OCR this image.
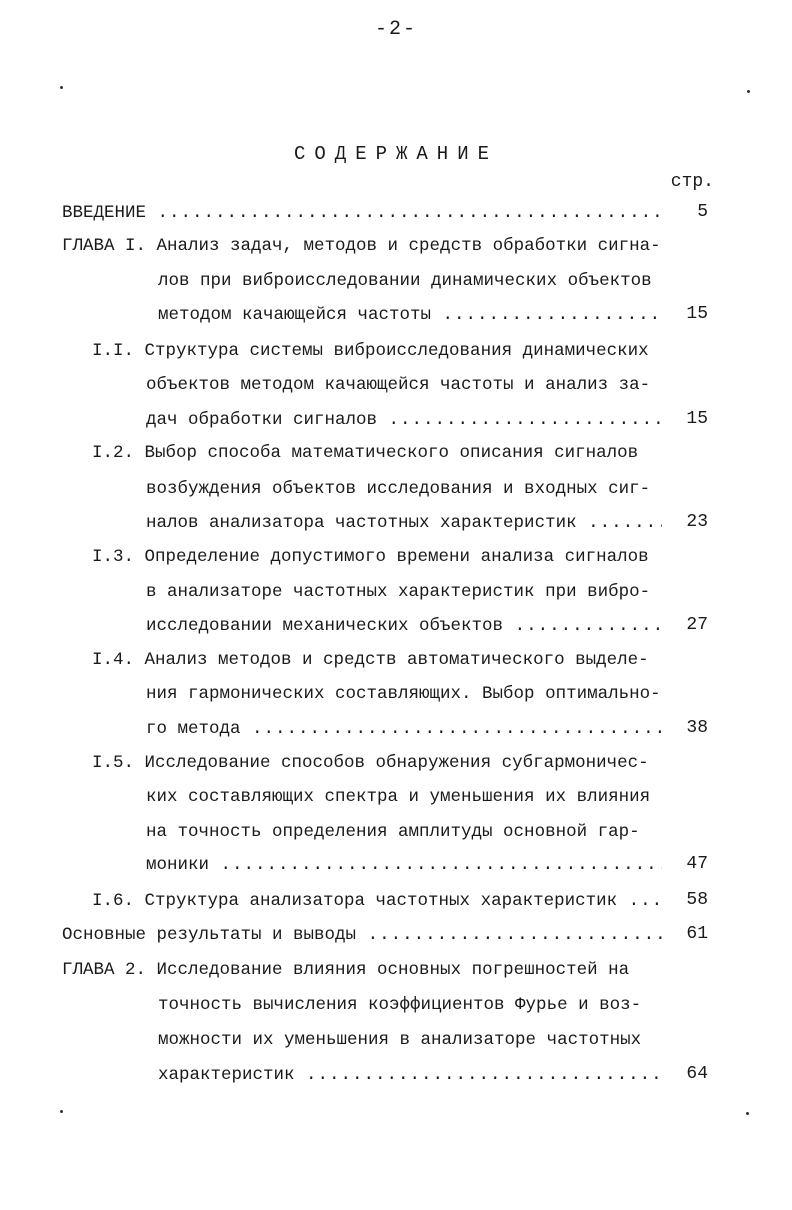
-2-
СОДЕРЖАНИЕ
стр.
ВВЕДЕНИЕ .....	5
ГЛАВА I. Анализ задач, методов и средств обработки сигна-
лов при виброисследовании динамических объектов
методом качающейся частоты .....	15
I.I. Структура системы виброисследования динамических
объектов методом качающейся частоты и анализ за-
дач обработки сигналов .....	15
I.2. Выбор способа математического описания сигналов
возбуждения объектов исследования и входных сиг-
налов анализатора частотных характеристик .....	23
I.3. Определение допустимого времени анализа сигналов
в анализаторе частотных характеристик при вибро-
исследовании механических объектов .....	27
I.4. Анализ методов и средств автоматического выделе-
ния гармонических составляющих. Выбор оптимально-
го метода .....	38
I.5. Исследование способов обнаружения субгармоничес-
ких составляющих спектра и уменьшения их влияния
на точность определения амплитуды основной гар-
моники .....	47
I.6. Структура анализатора частотных характеристик .....	58
Основные результаты и выводы .....	61
ГЛАВА 2. Исследование влияния основных погрешностей на
точность вычисления коэффициентов Фурье и воз-
можности их уменьшения в анализаторе частотных
характеристик .....	64
